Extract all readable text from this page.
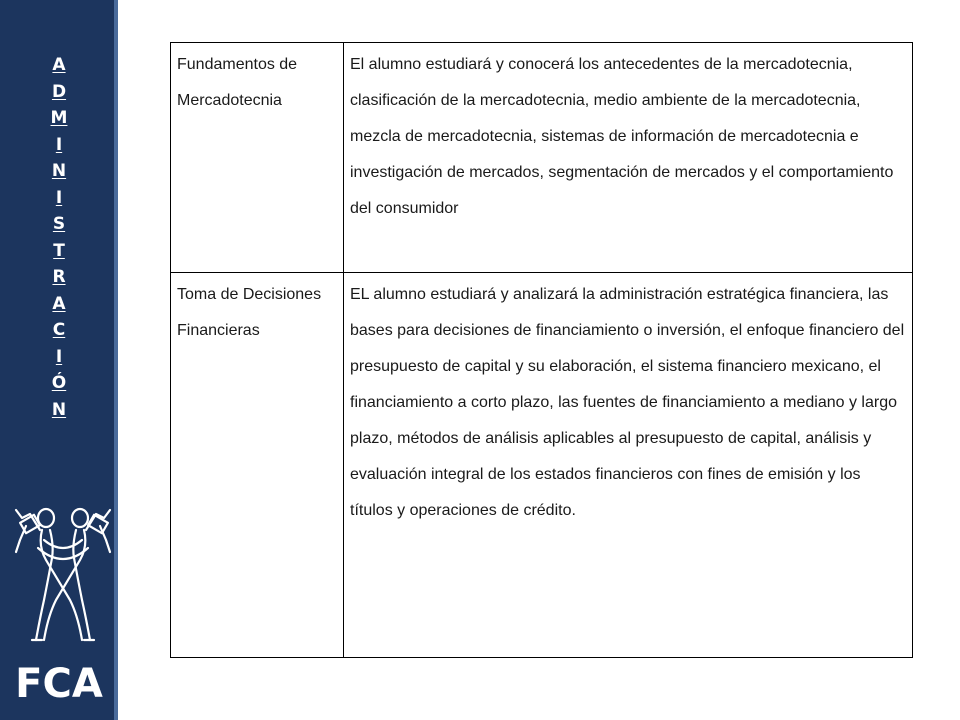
A
D
M
I
N
I
S
T
R
A
C
I
Ó
N
FCA
Fundamentos de Mercadotecnia	El alumno estudiará y conocerá los antecedentes de la mercadotecnia, clasificación de la mercadotecnia, medio ambiente de la mercadotecnia, mezcla de mercadotecnia, sistemas de información de mercadotecnia e investigación de mercados, segmentación de mercados y el comportamiento del consumidor
Toma de Decisiones Financieras	EL alumno estudiará y analizará la administración estratégica financiera, las bases para decisiones de financiamiento o inversión, el enfoque financiero del presupuesto de capital y su elaboración, el sistema financiero mexicano, el financiamiento a corto plazo, las fuentes de financiamiento a mediano y largo plazo, métodos de análisis aplicables al presupuesto de capital, análisis y evaluación integral de los estados financieros con fines de emisión y los títulos y operaciones de crédito.
